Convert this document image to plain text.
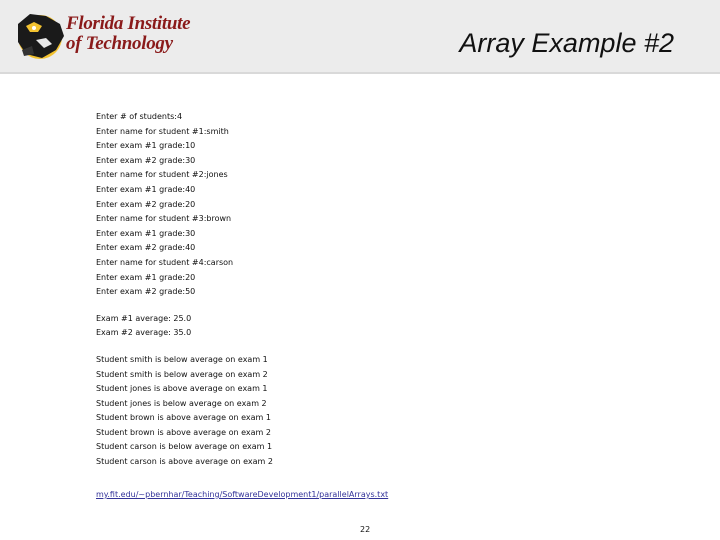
Florida Institute
of Technology	Array Example #2
Enter # of students:4
Enter name for student #1:smith
Enter exam #1 grade:10
Enter exam #2 grade:30
Enter name for student #2:jones
Enter exam #1 grade:40
Enter exam #2 grade:20
Enter name for student #3:brown
Enter exam #1 grade:30
Enter exam #2 grade:40
Enter name for student #4:carson
Enter exam #1 grade:20
Enter exam #2 grade:50
Exam #1 average: 25.0
Exam #2 average: 35.0
Student smith is below average on exam 1
Student smith is below average on exam 2
Student jones is above average on exam 1
Student jones is below average on exam 2
Student brown is above average on exam 1
Student brown is above average on exam 2
Student carson is below average on exam 1
Student carson is above average on exam 2
my.fit.edu/~pbernhar/Teaching/SoftwareDevelopment1/parallelArrays.txt
22
